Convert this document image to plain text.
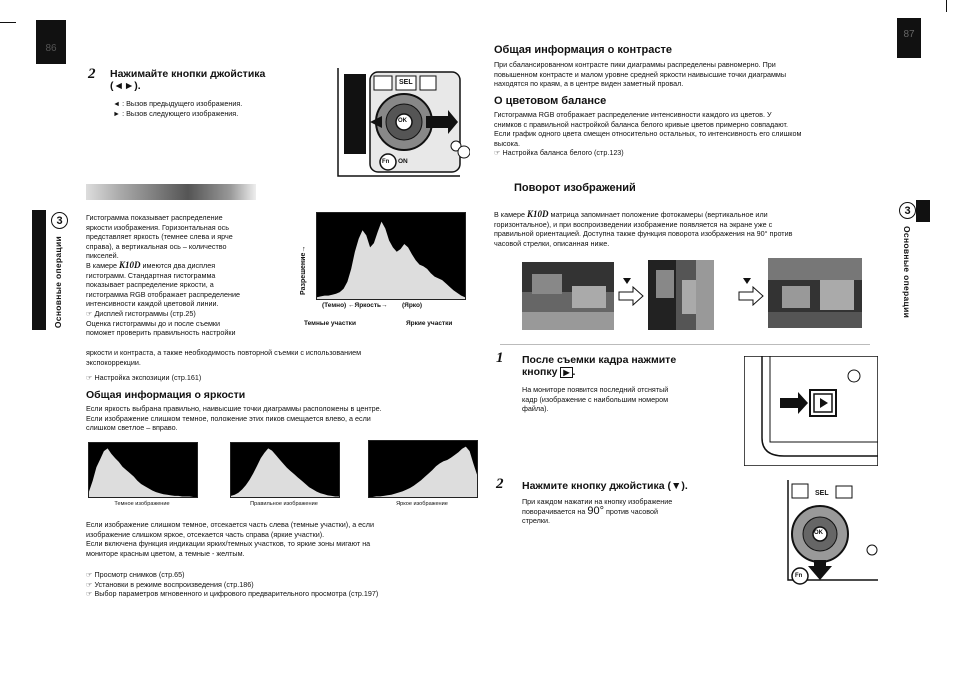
86
87
3
Основные операции
3
Основные операции
2 Нажимайте кнопки джойстика
(◄►).
◄ : Вызов предыдущего изображения.
► : Вызов следующего изображения.
SEL
OK
ON
Fn
Гистограмма показывает распределение
яркости изображения. Горизонтальная ось
представляет яркость (темнее слева и ярче
справа), а вертикальная ось – количество
пикселей.
В камере K10D имеются два дисплея
гистограмм. Стандартная гистограмма
показывает распределение яркости, а
гистограмма RGB отображает распределение
интенсивности каждой цветовой линии.
☞ Дисплей гистограммы (стр.25)
Оценка гистограммы до и после съемки
поможет проверить правильность настройки
яркости и контраста, а также необходимость повторной съемки с использованием
экспокоррекции.
☞ Настройка экспозиции (стр.161)
Разрешение→
(Темно) ←Яркость→ (Ярко)
Темные участки	Яркие участки
Общая информация о яркости
Если яркость выбрана правильно, наивысшие точки диаграммы расположены в центре.
Если изображение слишком темное, положение этих пиков смещается влево, а если
слишком светлое – вправо.
Темное изображение	Правильное изображение	Яркое изображение
Если изображение слишком темное, отсекается часть слева (темные участки), а если
изображение слишком яркое, отсекается часть справа (яркие участки).
Если включена функция индикации ярких/темных участков, то яркие зоны мигают на
мониторе красным цветом, а темные - желтым.
☞ Просмотр снимков (стр.65)
☞ Установки в режиме воспроизведения (стр.186)
☞ Выбор параметров мгновенного и цифрового предварительного просмотра (стр.197)
Общая информация о контрасте
При сбалансированном контрасте пики диаграммы распределены равномерно. При
повышенном контрасте и малом уровне средней яркости наивысшие точки диаграммы
находятся по краям, а в центре виден заметный провал.
О цветовом балансе
Гистограмма RGB отображает распределение интенсивности каждого из цветов. У
снимков с правильной настройкой баланса белого кривые цветов примерно совпадают.
Если график одного цвета смещен относительно остальных, то интенсивность его слишком
высока.
☞ Настройка баланса белого (стр.123)
Поворот изображений
В камере K10D матрица запоминает положение фотокамеры (вертикальное или
горизонтальное), и при воспроизведении изображение появляется на экране уже с
правильной ориентацией. Доступна также функция поворота изображения на 90° против
часовой стрелки, описанная ниже.
1 После съемки кадра нажмите
кнопку ▶ .
На мониторе появится последний отснятый
кадр (изображение с наибольшим номером
файла).
2 Нажмите кнопку джойстика (▼).
При каждом нажатии на кнопку изображение
поворачивается на 90° против часовой
стрелки.
SEL
OK
Fn
